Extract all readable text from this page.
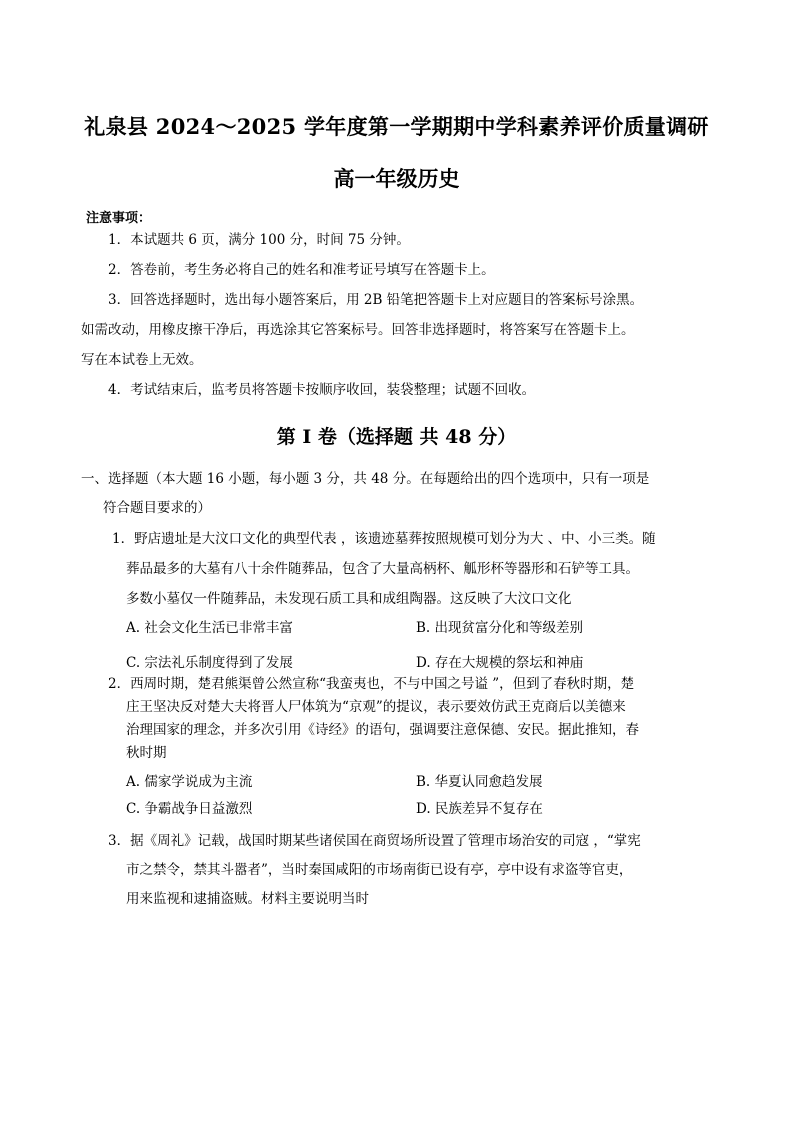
礼泉县 2024～2025 学年度第一学期期中学科素养评价质量调研
高一年级历史
注意事项：
1．本试题共 6 页，满分 100 分，时间 75 分钟。
2．答卷前，考生务必将自己的姓名和准考证号填写在答题卡上。
3．回答选择题时，选出每小题答案后，用 2B 铅笔把答题卡上对应题目的答案标号涂黑。
如需改动，用橡皮擦干净后，再选涂其它答案标号。回答非选择题时，将答案写在答题卡上。
写在本试卷上无效。
4．考试结束后，监考员将答题卡按顺序收回，装袋整理；试题不回收。
第 I 卷（选择题 共 48 分）
一、选择题（本大题 16 小题，每小题 3 分，共 48 分。在每题给出的四个选项中，只有一项是
符合题目要求的）
1．野店遗址是大汶口文化的典型代表 ，该遗迹墓葬按照规模可划分为大 、中、小三类。随
葬品最多的大墓有八十余件随葬品，包含了大量高柄杯、觚形杯等器形和石铲等工具。
多数小墓仅一件随葬品，未发现石质工具和成组陶器。这反映了大汶口文化
A. 社会文化生活已非常丰富	B. 出现贫富分化和等级差别
C. 宗法礼乐制度得到了发展	D. 存在大规模的祭坛和神庙
2．西周时期，楚君熊渠曾公然宣称“我蛮夷也，不与中国之号谥 ”，但到了春秋时期，楚
庄王坚决反对楚大夫将晋人尸体筑为“京观”的提议，表示要效仿武王克商后以美德来
治理国家的理念，并多次引用《诗经》的语句，强调要注意保德、安民。据此推知，春
秋时期
A. 儒家学说成为主流	B. 华夏认同愈趋发展
C. 争霸战争日益激烈	D. 民族差异不复存在
3．据《周礼》记载，战国时期某些诸侯国在商贸场所设置了管理市场治安的司寇 ，“掌宪
市之禁令，禁其斗嚣者”，当时秦国咸阳的市场南街已设有亭，亭中设有求盗等官吏，
用来监视和逮捕盗贼。材料主要说明当时
